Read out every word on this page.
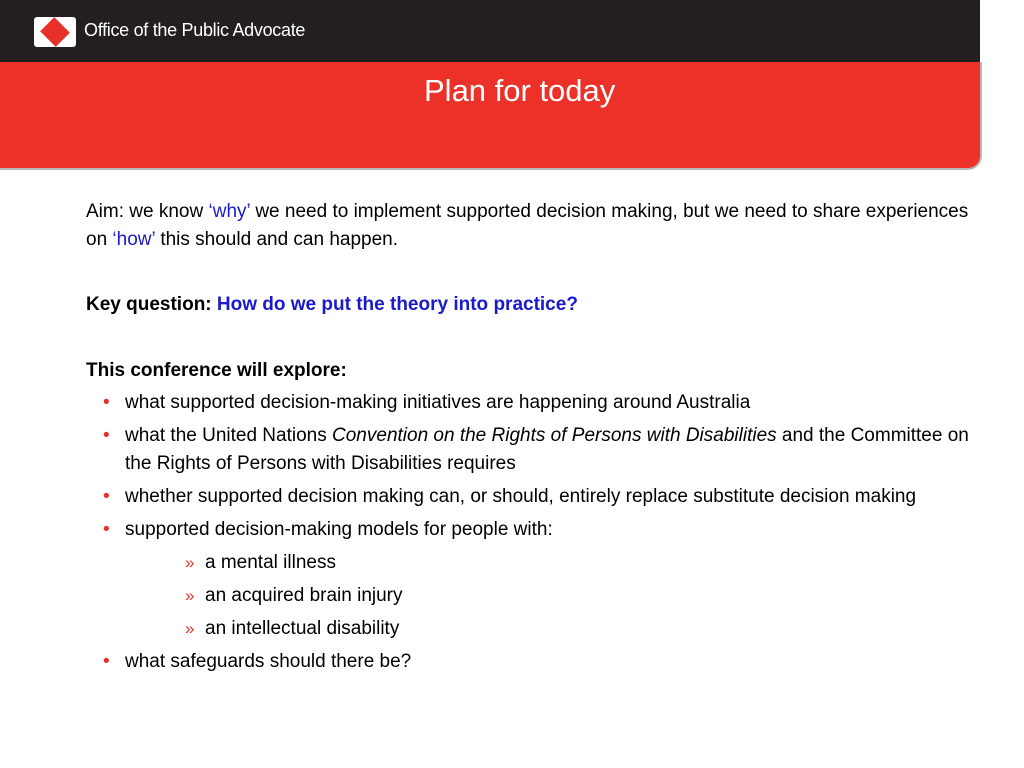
Office of the Public Advocate
Plan for today

Aim: we know ‘why’ we need to implement supported decision making, but we need to share experiences on ‘how’ this should and can happen.

Key question: How do we put the theory into practice?

This conference will explore:

• what supported decision-making initiatives are happening around Australia
• what the United Nations Convention on the Rights of Persons with Disabilities and the Committee on the Rights of Persons with Disabilities requires
• whether supported decision making can, or should, entirely replace substitute decision making
• supported decision-making models for people with:
» a mental illness
» an acquired brain injury
» an intellectual disability
• what safeguards should there be?
